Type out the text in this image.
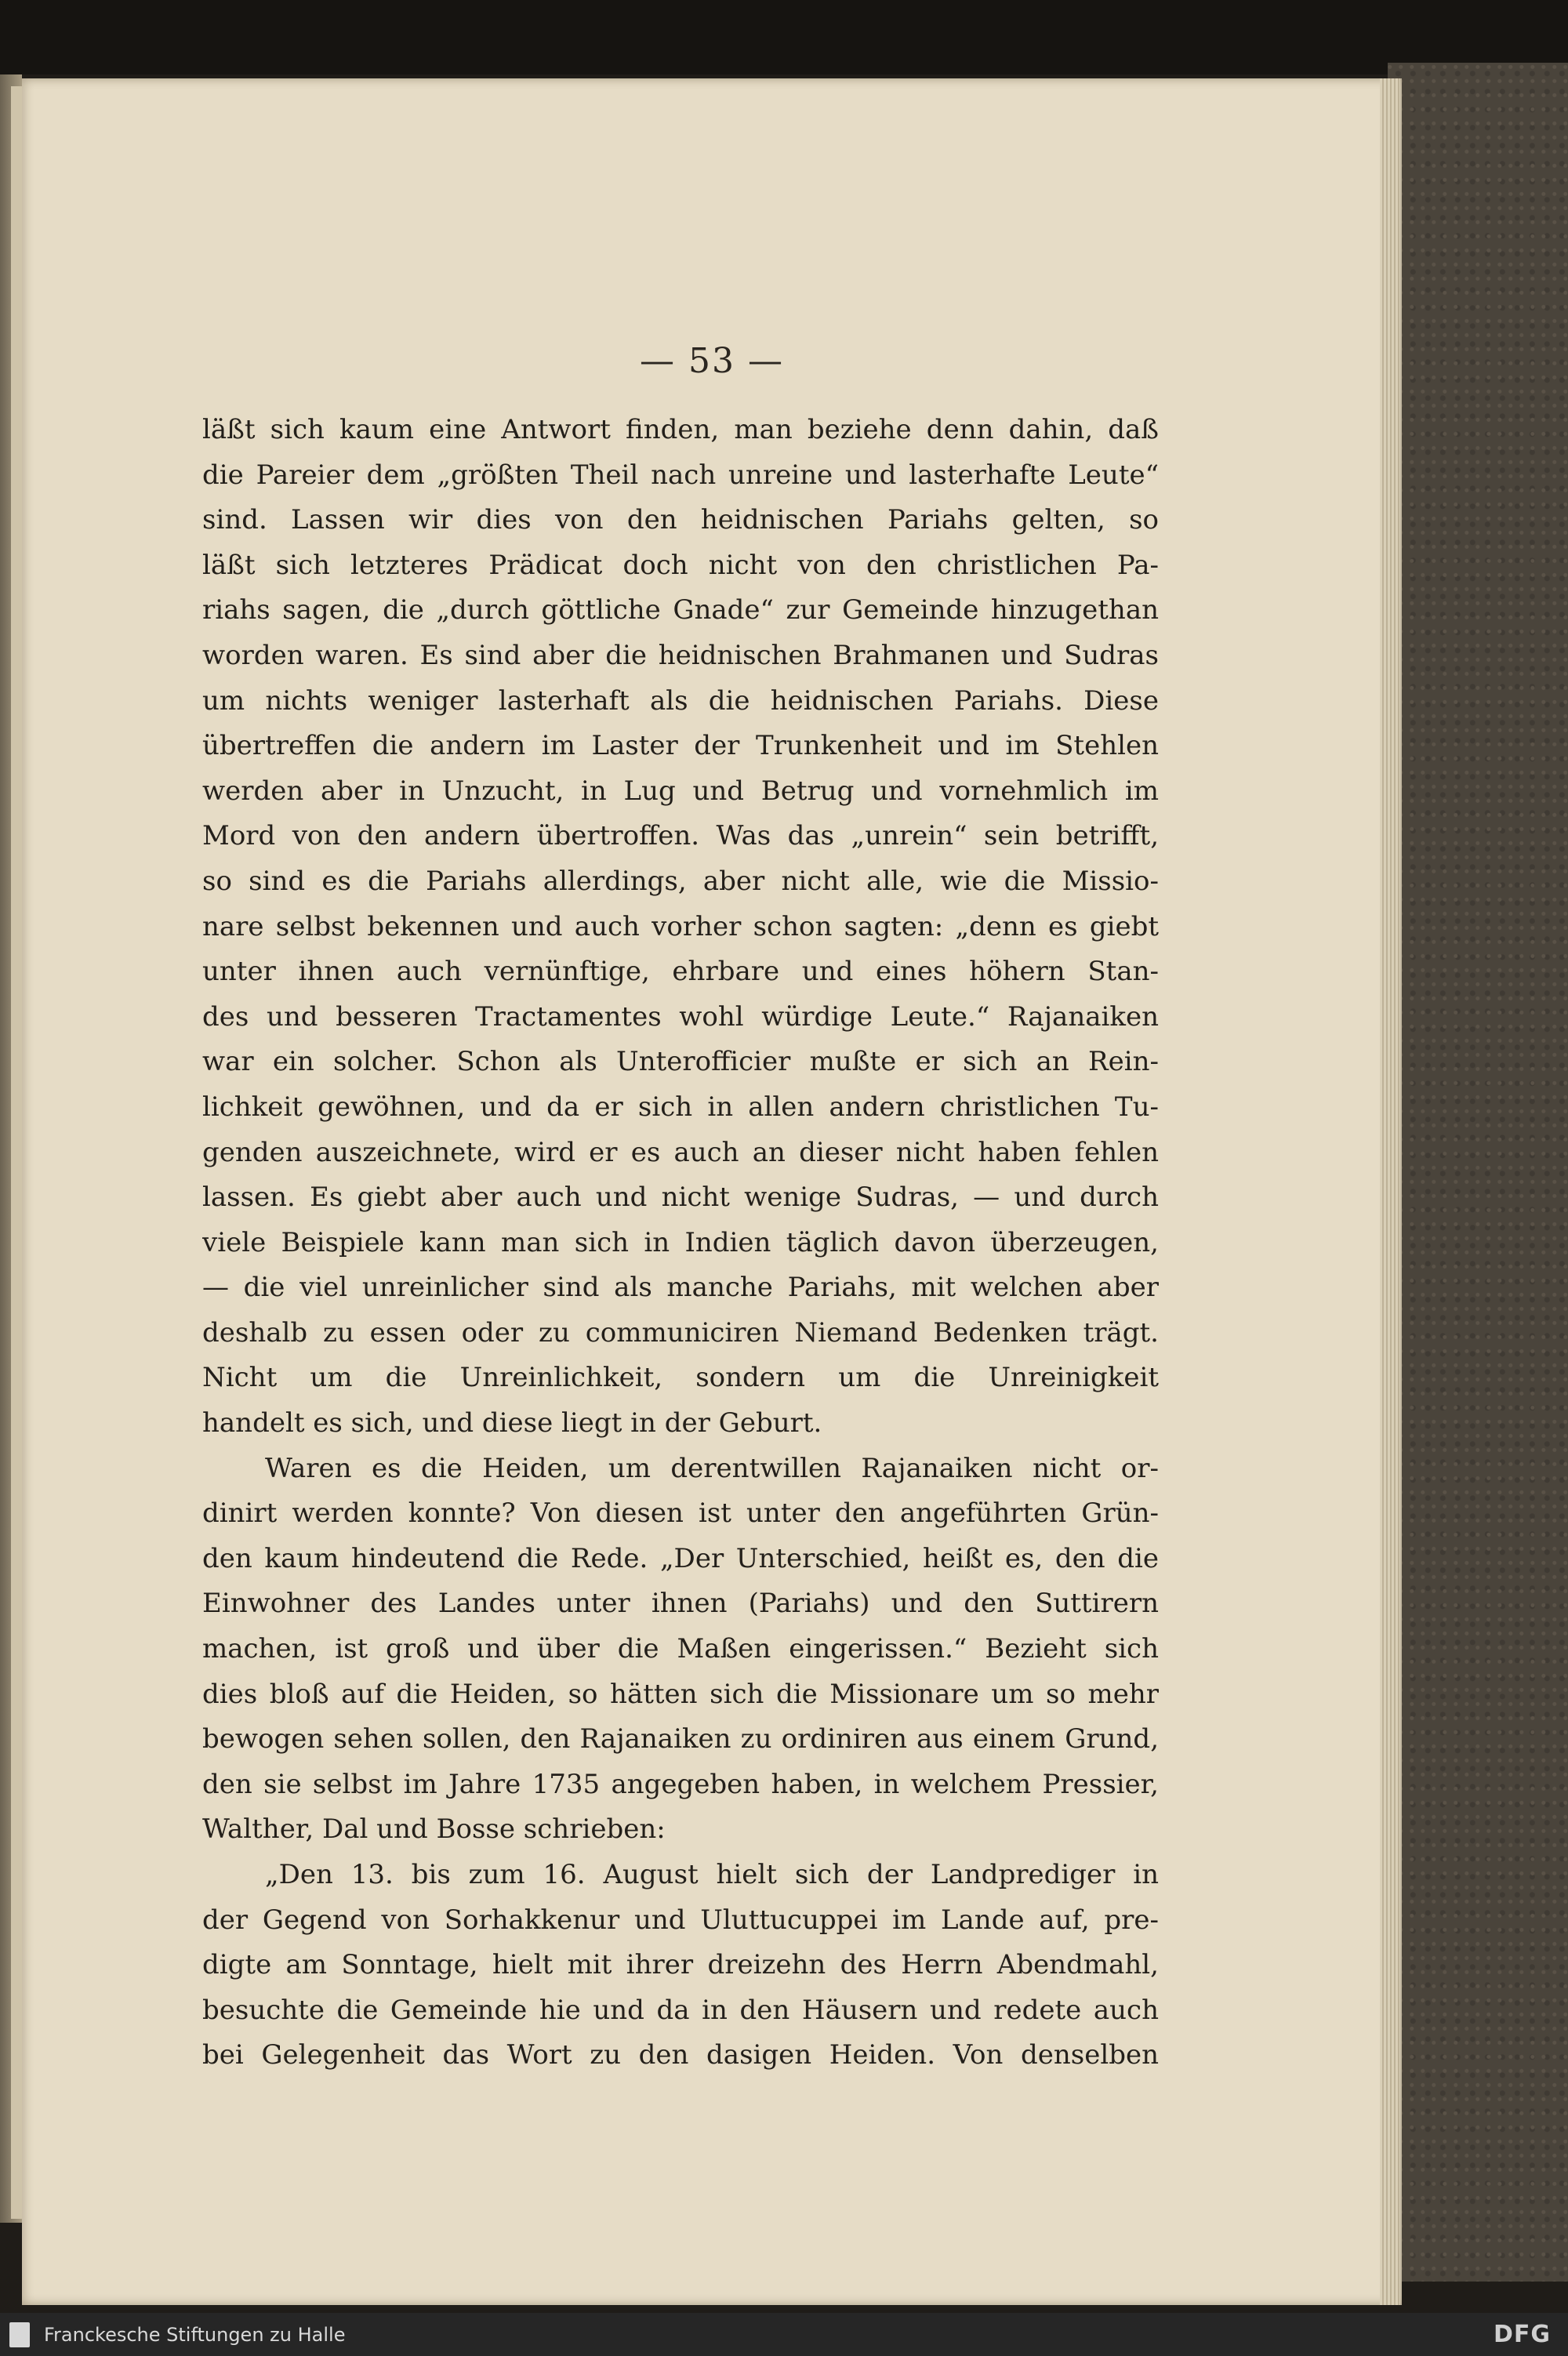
— 53 —
läßt sich kaum eine Antwort finden, man beziehe denn dahin, daß
die Pareier dem „größten Theil nach unreine und lasterhafte Leute“
sind. Lassen wir dies von den heidnischen Pariahs gelten, so
läßt sich letzteres Prädicat doch nicht von den christlichen Pa-
riahs sagen, die „durch göttliche Gnade“ zur Gemeinde hinzugethan
worden waren. Es sind aber die heidnischen Brahmanen und Sudras
um nichts weniger lasterhaft als die heidnischen Pariahs. Diese
übertreffen die andern im Laster der Trunkenheit und im Stehlen
werden aber in Unzucht, in Lug und Betrug und vornehmlich im
Mord von den andern übertroffen. Was das „unrein“ sein betrifft,
so sind es die Pariahs allerdings, aber nicht alle, wie die Missio-
nare selbst bekennen und auch vorher schon sagten: „denn es giebt
unter ihnen auch vernünftige, ehrbare und eines höhern Stan-
des und besseren Tractamentes wohl würdige Leute.“ Rajanaiken
war ein solcher. Schon als Unterofficier mußte er sich an Rein-
lichkeit gewöhnen, und da er sich in allen andern christlichen Tu-
genden auszeichnete, wird er es auch an dieser nicht haben fehlen
lassen. Es giebt aber auch und nicht wenige Sudras, — und durch
viele Beispiele kann man sich in Indien täglich davon überzeugen,
— die viel unreinlicher sind als manche Pariahs, mit welchen aber
deshalb zu essen oder zu communiciren Niemand Bedenken trägt.
Nicht um die Unreinlichkeit, sondern um die Unreinigkeit
handelt es sich, und diese liegt in der Geburt.
Waren es die Heiden, um derentwillen Rajanaiken nicht or-
dinirt werden konnte? Von diesen ist unter den angeführten Grün-
den kaum hindeutend die Rede. „Der Unterschied, heißt es, den die
Einwohner des Landes unter ihnen (Pariahs) und den Suttirern
machen, ist groß und über die Maßen eingerissen.“ Bezieht sich
dies bloß auf die Heiden, so hätten sich die Missionare um so mehr
bewogen sehen sollen, den Rajanaiken zu ordiniren aus einem Grund,
den sie selbst im Jahre 1735 angegeben haben, in welchem Pressier,
Walther, Dal und Bosse schrieben:
„Den 13. bis zum 16. August hielt sich der Landprediger in
der Gegend von Sorhakkenur und Uluttucuppei im Lande auf, pre-
digte am Sonntage, hielt mit ihrer dreizehn des Herrn Abendmahl,
besuchte die Gemeinde hie und da in den Häusern und redete auch
bei Gelegenheit das Wort zu den dasigen Heiden. Von denselben
Franckesche Stiftungen zu Halle	DFG
